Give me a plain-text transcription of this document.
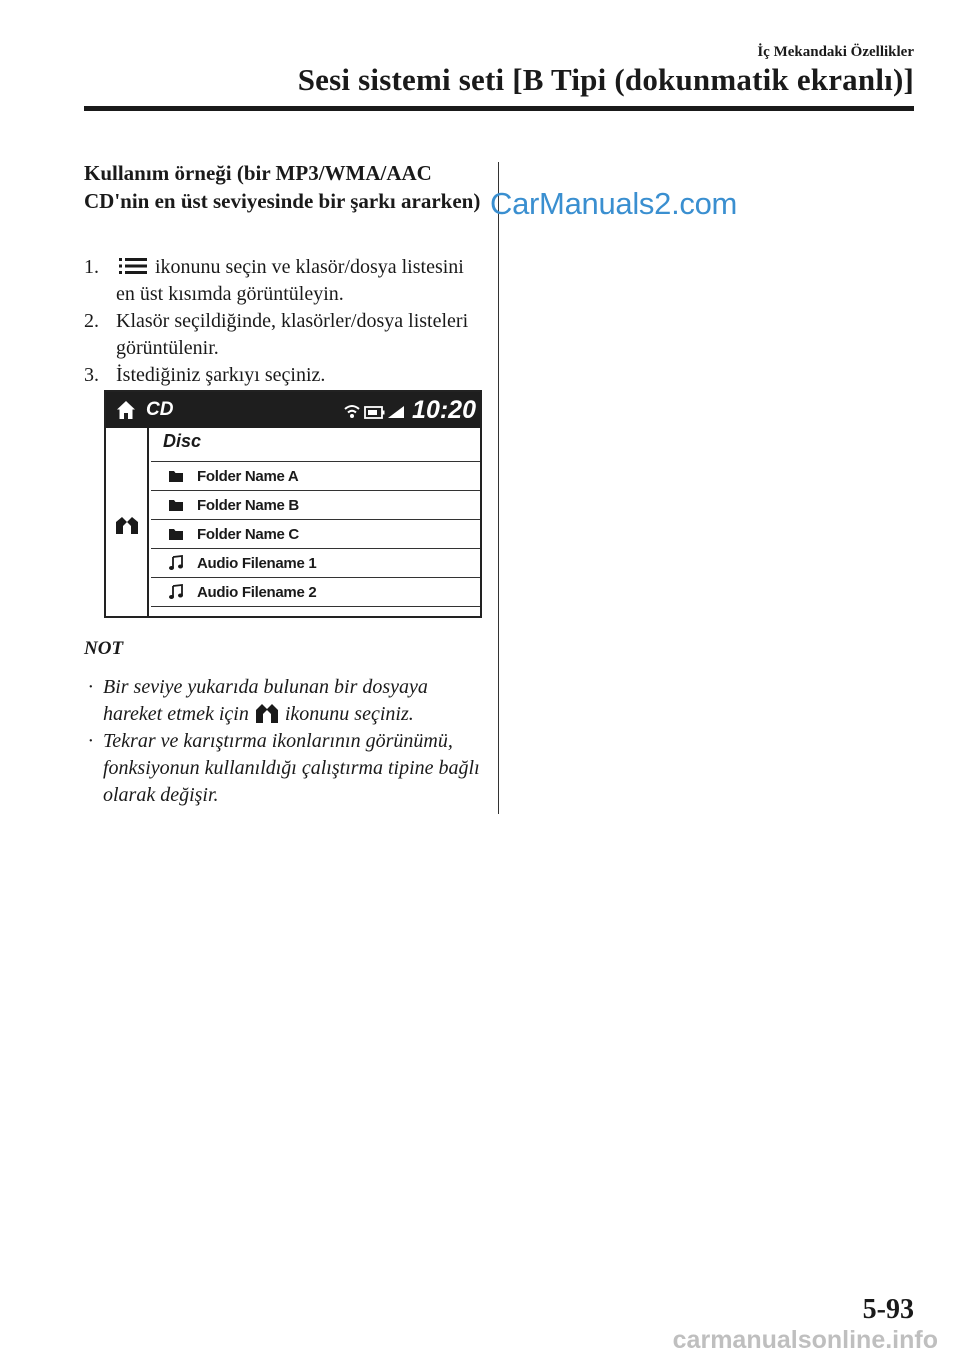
İç Mekandaki Özellikler
Sesi sistemi seti [B Tipi (dokunmatik ekranlı)]
Kullanım örneği (bir MP3/WMA/AAC CD'nin en üst seviyesinde bir şarkı ararken)
1.	ikonunu seçin ve klasör/dosya listesini en üst kısımda görüntüleyin.
2. Klasör seçildiğinde, klasörler/dosya listeleri görüntülenir.
3. İstediğiniz şarkıyı seçiniz.
CD	10:20
Disc
Folder Name A
Folder Name B
Folder Name C
Audio Filename 1
Audio Filename 2
NOT
· Bir seviye yukarıda bulunan bir dosyaya hareket etmek için ikonunu seçiniz.
· Tekrar ve karıştırma ikonlarının görünümü, fonksiyonun kullanıldığı çalıştırma tipine bağlı olarak değişir.
CarManuals2.com
5-93
carmanualsonline.info
